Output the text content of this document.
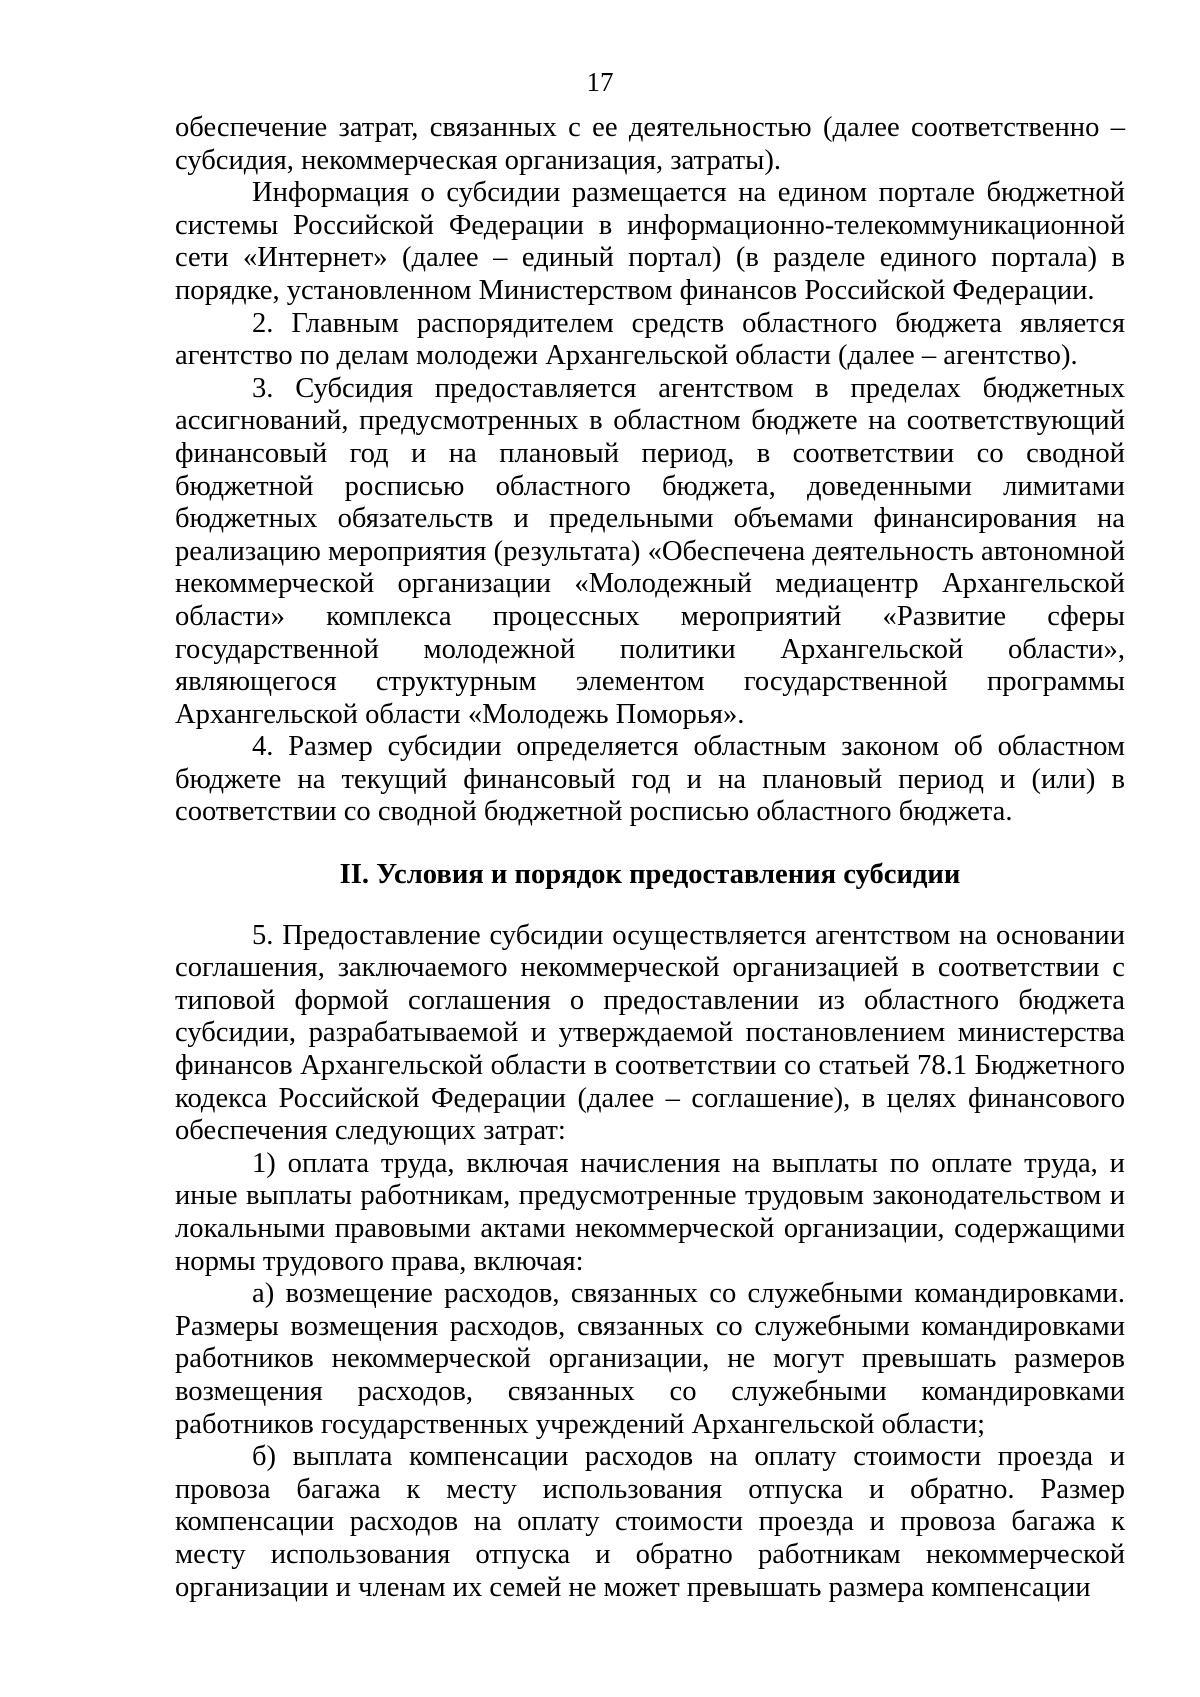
17

обеспечение затрат, связанных с ее деятельностью (далее соответственно – субсидия, некоммерческая организация, затраты).

Информация о субсидии размещается на едином портале бюджетной системы Российской Федерации в информационно-телекоммуникационной сети «Интернет» (далее – единый портал) (в разделе единого портала) в порядке, установленном Министерством финансов Российской Федерации.

2. Главным распорядителем средств областного бюджета является агентство по делам молодежи Архангельской области (далее – агентство).

3. Субсидия предоставляется агентством в пределах бюджетных ассигнований, предусмотренных в областном бюджете на соответствующий финансовый год и на плановый период, в соответствии со сводной бюджетной росписью областного бюджета, доведенными лимитами бюджетных обязательств и предельными объемами финансирования на реализацию мероприятия (результата) «Обеспечена деятельность автономной некоммерческой организации «Молодежный медиацентр Архангельской области» комплекса процессных мероприятий «Развитие сферы государственной молодежной политики Архангельской области», являющегося структурным элементом государственной программы Архангельской области «Молодежь Поморья».

4. Размер субсидии определяется областным законом об областном бюджете на текущий финансовый год и на плановый период и (или) в соответствии со сводной бюджетной росписью областного бюджета.

II. Условия и порядок предоставления субсидии

5. Предоставление субсидии осуществляется агентством на основании соглашения, заключаемого некоммерческой организацией в соответствии с типовой формой соглашения о предоставлении из областного бюджета субсидии, разрабатываемой и утверждаемой постановлением министерства финансов Архангельской области в соответствии со статьей 78.1 Бюджетного кодекса Российской Федерации (далее – соглашение), в целях финансового обеспечения следующих затрат:

1) оплата труда, включая начисления на выплаты по оплате труда, и иные выплаты работникам, предусмотренные трудовым законодательством и локальными правовыми актами некоммерческой организации, содержащими нормы трудового права, включая:

а) возмещение расходов, связанных со служебными командировками. Размеры возмещения расходов, связанных со служебными командировками работников некоммерческой организации, не могут превышать размеров возмещения расходов, связанных со служебными командировками работников государственных учреждений Архангельской области;

б) выплата компенсации расходов на оплату стоимости проезда и провоза багажа к месту использования отпуска и обратно. Размер компенсации расходов на оплату стоимости проезда и провоза багажа к месту использования отпуска и обратно работникам некоммерческой организации и членам их семей не может превышать размера компенсации
